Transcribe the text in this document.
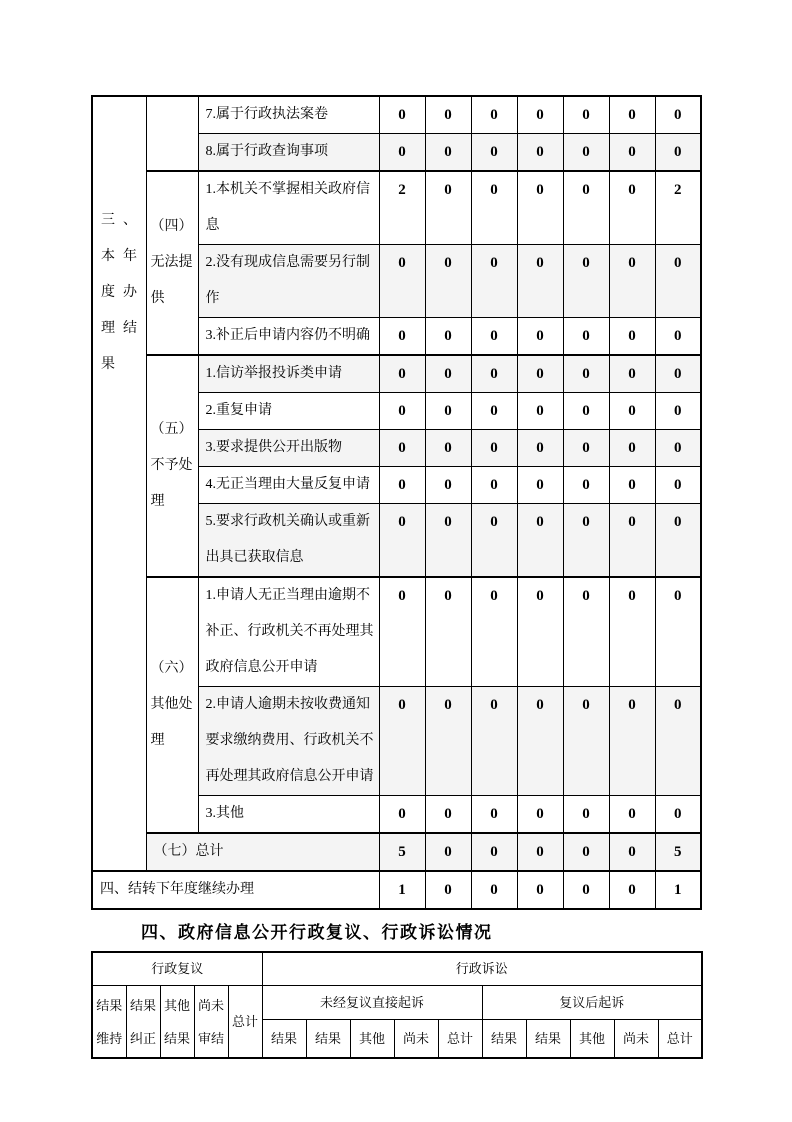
三、本年度办理结果		7.属于行政执法案卷	0	0	0	0	0	0	0
		8.属于行政查询事项	0	0	0	0	0	0	0
	（四）无法提供	1.本机关不掌握相关政府信息	2	0	0	0	0	0	2
		2.没有现成信息需要另行制作	0	0	0	0	0	0	0
		3.补正后申请内容仍不明确	0	0	0	0	0	0	0
	（五）不予处理	1.信访举报投诉类申请	0	0	0	0	0	0	0
		2.重复申请	0	0	0	0	0	0	0
		3.要求提供公开出版物	0	0	0	0	0	0	0
		4.无正当理由大量反复申请	0	0	0	0	0	0	0
		5.要求行政机关确认或重新出具已获取信息	0	0	0	0	0	0	0
	（六）其他处理	1.申请人无正当理由逾期不补正、行政机关不再处理其政府信息公开申请	0	0	0	0	0	0	0
		2.申请人逾期未按收费通知要求缴纳费用、行政机关不再处理其政府信息公开申请	0	0	0	0	0	0	0
		3.其他	0	0	0	0	0	0	0
	（七）总计		5	0	0	0	0	0	5
四、结转下年度继续办理			1	0	0	0	0	0	1
四、政府信息公开行政复议、行政诉讼情况
行政复议					行政诉讼									
结果维持	结果纠正	其他结果	尚未审结	总计	未经复议直接起诉					复议后起诉				
					结果	结果	其他	尚未	总计	结果	结果	其他	尚未	总计
